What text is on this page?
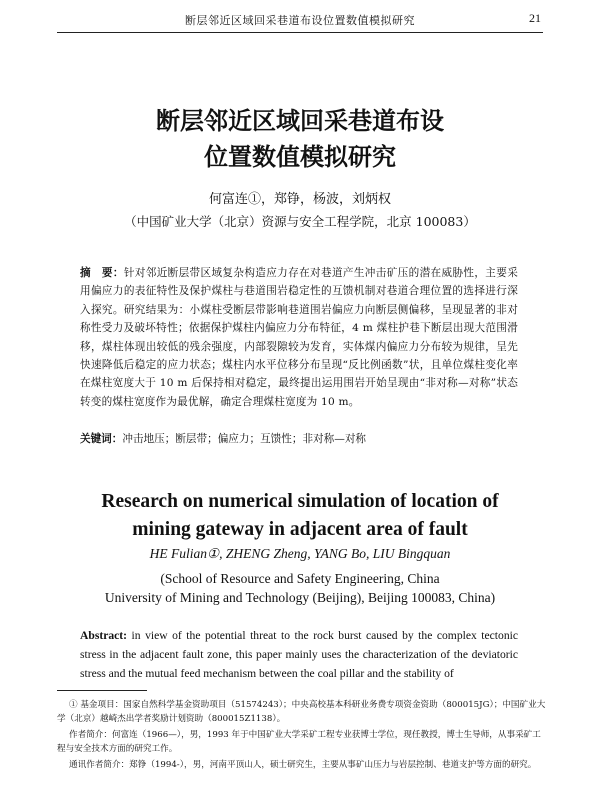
断层邻近区域回采巷道布设位置数值模拟研究	21
断层邻近区域回采巷道布设
位置数值模拟研究
何富连①，郑铮，杨波，刘炳权
（中国矿业大学（北京）资源与安全工程学院，北京 100083）
摘　要：针对邻近断层带区域复杂构造应力存在对巷道产生冲击矿压的潜在威胁性，主要采用偏应力的表征特性及保护煤柱与巷道围岩稳定性的互馈机制对巷道合理位置的选择进行深入探究。研究结果为：小煤柱受断层带影响巷道围岩偏应力向断层侧偏移，呈现显著的非对称性受力及破坏特性；依据保护煤柱内偏应力分布特征，4 m 煤柱护巷下断层出现大范围滑移，煤柱体现出较低的残余强度，内部裂隙较为发育，实体煤内偏应力分布较为规律，呈先快速降低后稳定的应力状态；煤柱内水平位移分布呈现“反比例函数”状，且单位煤柱变化率在煤柱宽度大于 10 m 后保持相对稳定，最终提出运用围岩开始呈现由“非对称—对称”状态转变的煤柱宽度作为最优解，确定合理煤柱宽度为 10 m。
关键词：冲击地压；断层带；偏应力；互馈性；非对称—对称
Research on numerical simulation of location of
mining gateway in adjacent area of fault
HE Fulian①, ZHENG Zheng, YANG Bo, LIU Bingquan
(School of Resource and Safety Engineering, China
University of Mining and Technology (Beijing), Beijing 100083, China)
Abstract: in view of the potential threat to the rock burst caused by the complex tectonic stress in the adjacent fault zone, this paper mainly uses the characterization of the deviatoric stress and the mutual feed mechanism between the coal pillar and the stability of

① 基金项目：国家自然科学基金资助项目（51574243）；中央高校基本科研业务费专项资金资助（800015JG）；中国矿业大学（北京）越崎杰出学者奖励计划资助（800015Z1138）。

作者简介：何富连（1966—），男，1993 年于中国矿业大学采矿工程专业获博士学位，现任教授，博士生导师，从事采矿工程与安全技术方面的研究工作。

通讯作者简介：郑铮（1994-），男，河南平顶山人，硕士研究生，主要从事矿山压力与岩层控制、巷道支护等方面的研究。
